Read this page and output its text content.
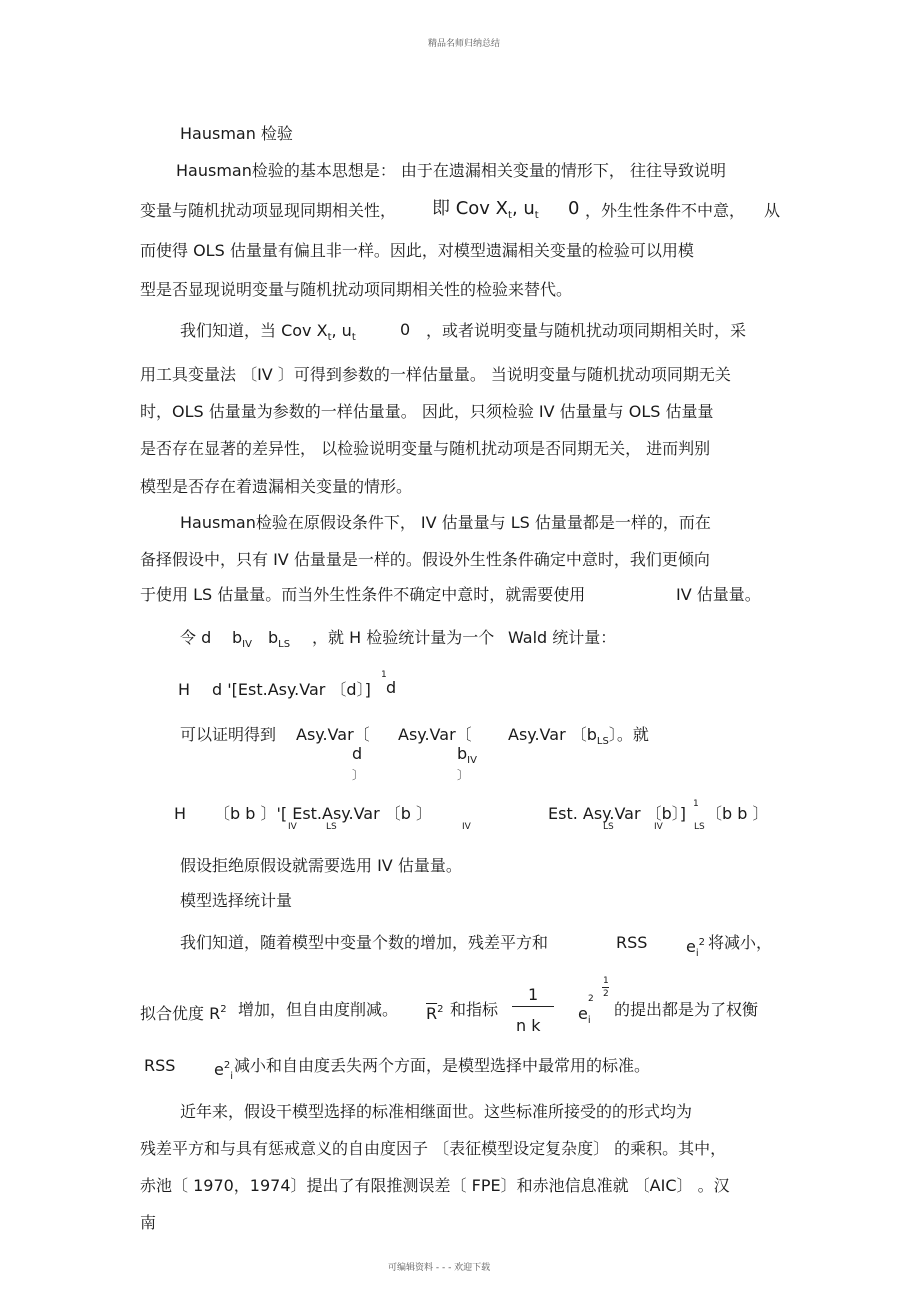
精品名师归纳总结
可编辑资料 - - - 欢迎下载
Hausman 检验
Hausman检验的基本思想是： 由于在遗漏相关变量的情形下， 往往导致说明
变量与随机扰动项显现同期相关性， 即 Cov $X_t$, $u_t$ 0 ，外生性条件不中意， 从
而使得 OLS 估量量有偏且非一样。因此，对模型遗漏相关变量的检验可以用模
型是否显现说明变量与随机扰动项同期相关性的检验来替代。
我们知道，当 Cov $X_t$, $u_t$	0 ，或者说明变量与随机扰动项同期相关时，采
用工具变量法 〔IV 〕可得到参数的一样估量量。 当说明变量与随机扰动项同期无关
时，OLS 估量量为参数的一样估量量。 因此，只须检验 IV 估量量与 OLS 估量量
是否存在显著的差异性， 以检验说明变量与随机扰动项是否同期无关， 进而判别
模型是否存在着遗漏相关变量的情形。
Hausman检验在原假设条件下， IV 估量量与 LS 估量量都是一样的，而在
备择假设中，只有 IV 估量量是一样的。假设外生性条件确定中意时，我们更倾向
于使用 LS 估量量。而当外生性条件不确定中意时，就需要使用	IV 估量量。
令 d $b_{IV}$ $b_{LS}$ ，就 H 检验统计量为一个 Wald 统计量：
H d '[Est.Asy.Var 〔d〕]
1
d
可以证明得到 Asy.Var〔
d
〕
Asy.Var〔
$b_{IV}$
〕
Asy.Var 〔$b_{LS}$〕。就
H 〔b b 〕'[ Est.Asy.Var 〔b 〕
IV	LS	IV
Est. Asy.Var 〔b〕]
LS	IV
1 〔b b 〕
LS
假设拒绝原假设就需要选用 IV 估量量。
模型选择统计量
我们知道，随着模型中变量个数的增加，残差平方和	RSS $e_i^2$ 将减小，
拟合优度 $R^2$ 增加，但自由度削减。 $\overline{R}^2$ 和指标
1
n k
$e_i$
2
1
2
的提出都是为了权衡
RSS $e^2_i$
减小和自由度丢失两个方面，是模型选择中最常用的标准。
近年来，假设干模型选择的标准相继面世。这些标准所接受的的形式均为
残差平方和与具有惩戒意义的自由度因子 〔表征模型设定复杂度〕 的乘积。其中，
赤池〔 1970，1974〕提出了有限推测误差〔 FPE〕和赤池信息准就 〔AIC〕 。汉
南
